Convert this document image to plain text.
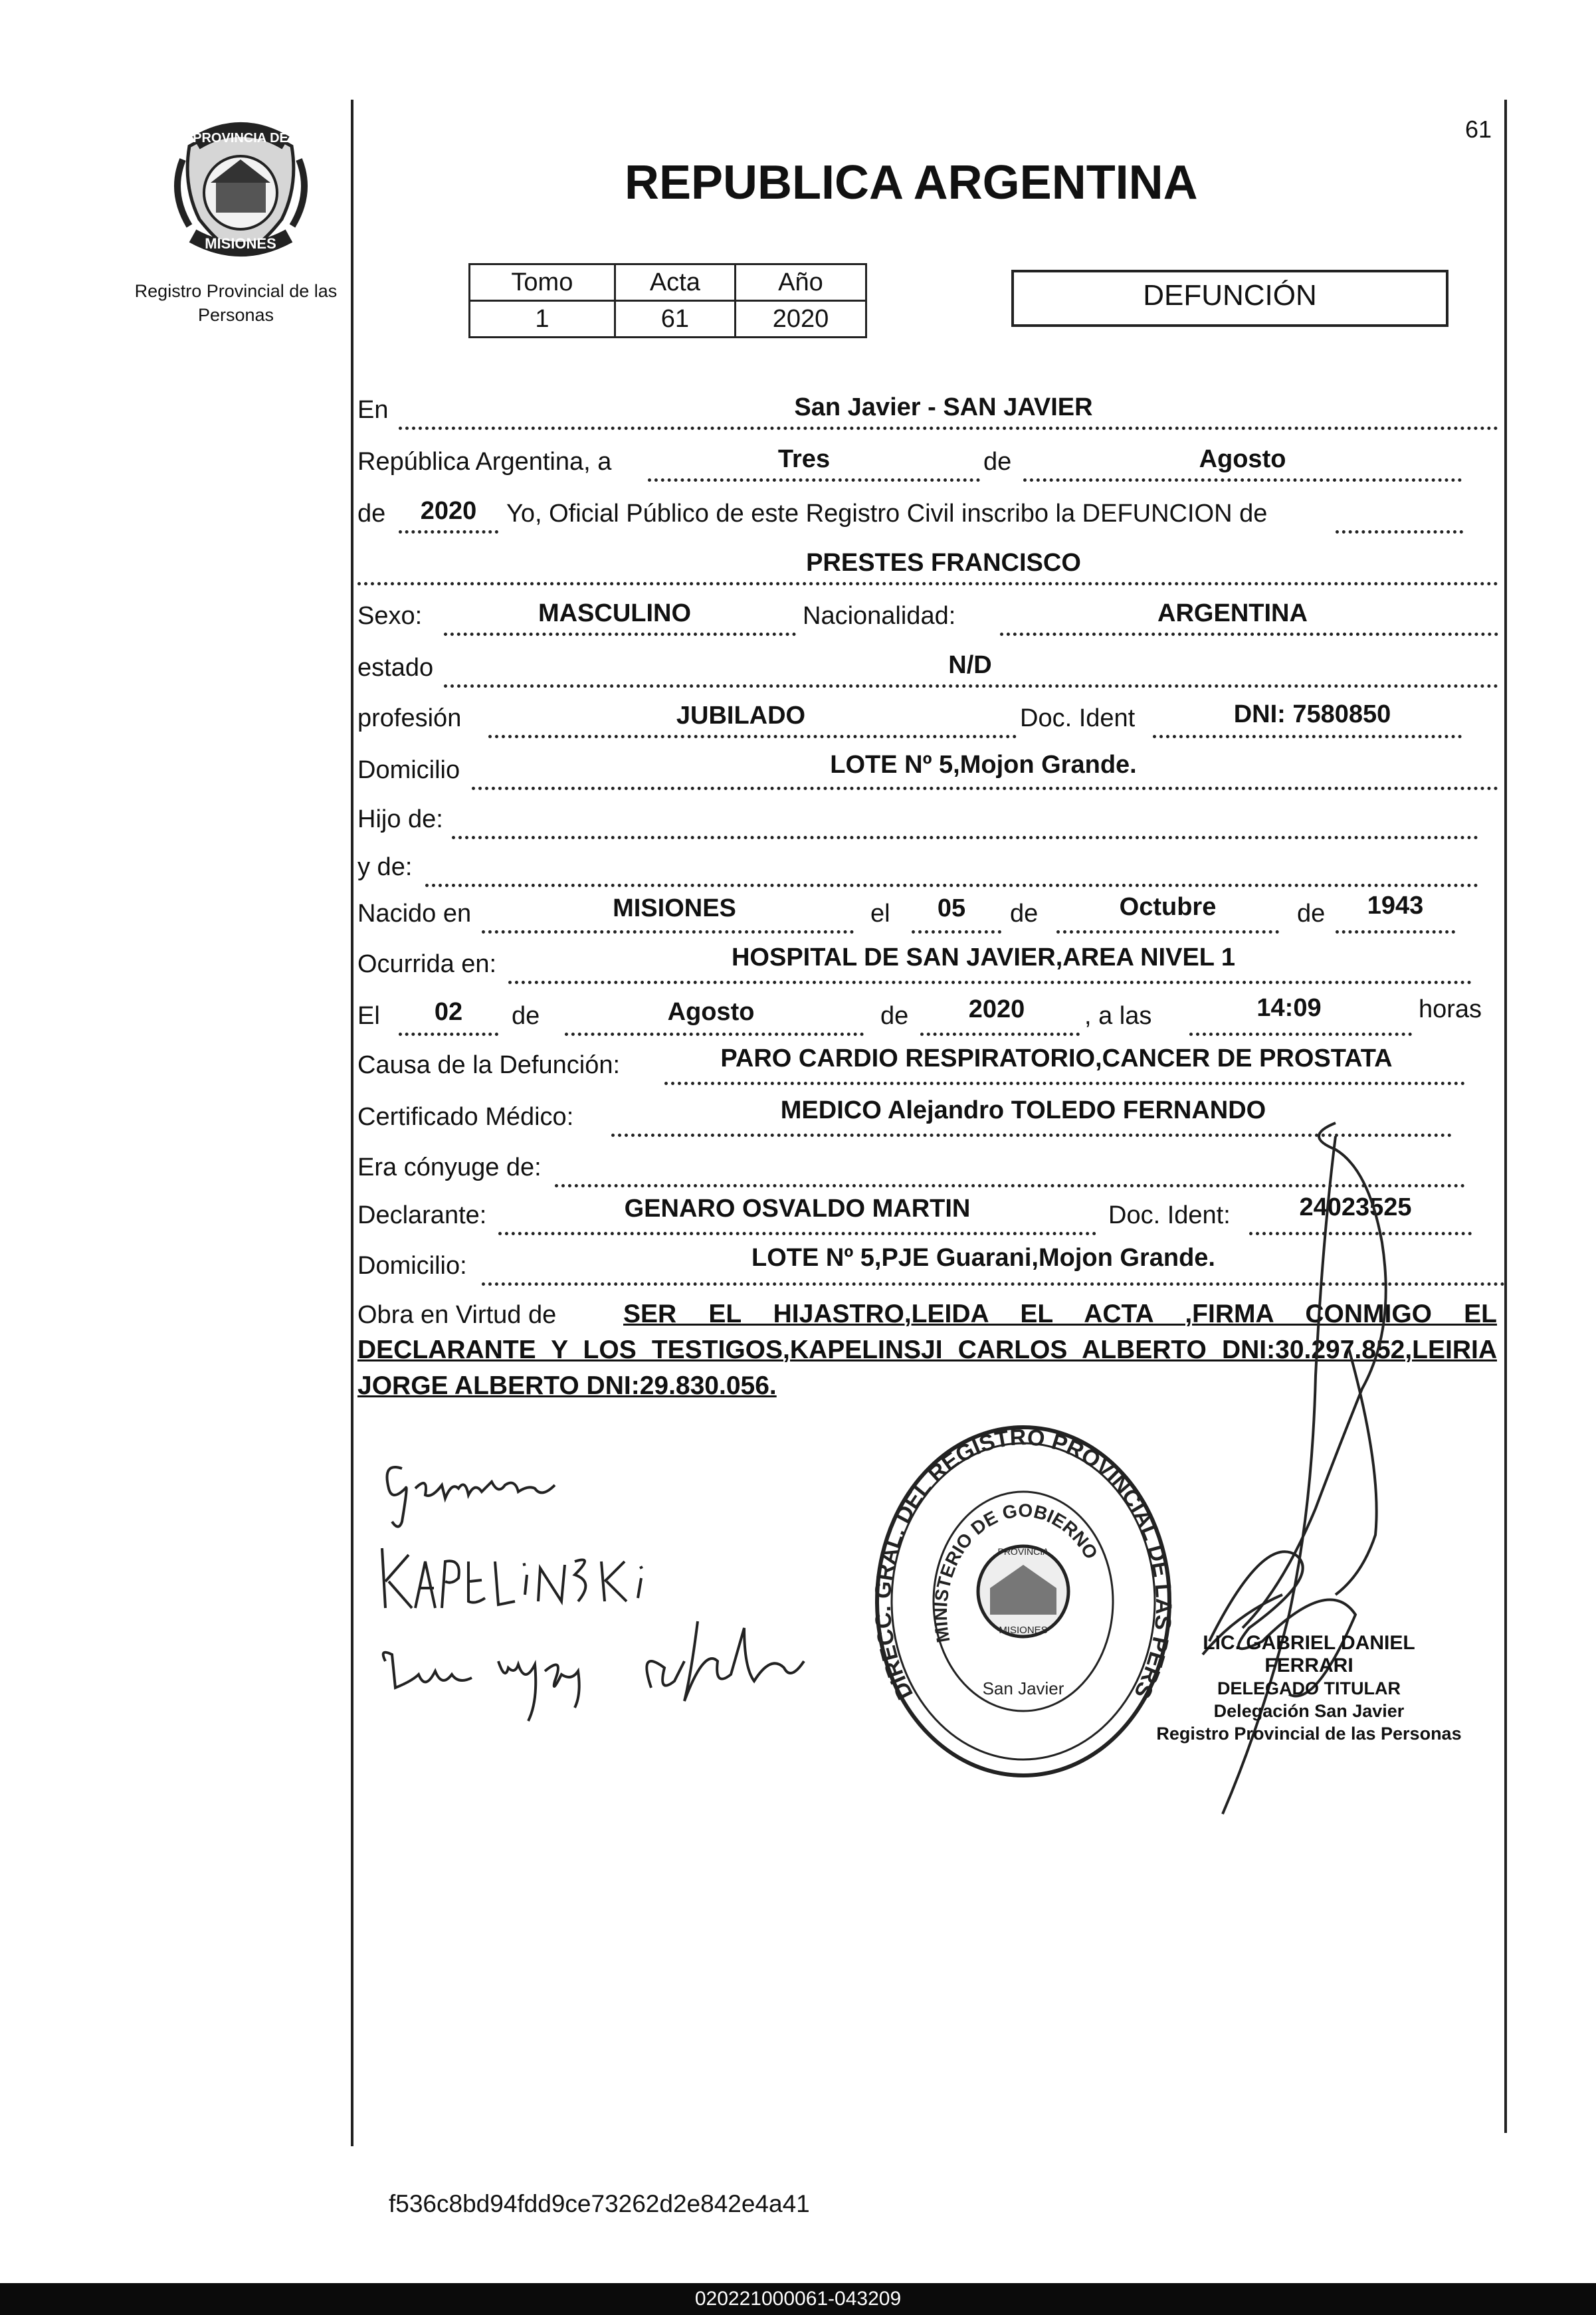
61
PROVINCIA DE
MISIONES
Registro Provincial de las Personas
REPUBLICA ARGENTINA
Tomo	Acta	Año
1	61	2020
DEFUNCIÓN
En	San Javier - SAN JAVIER
República Argentina, a	Tres	de	Agosto
de	2020	Yo, Oficial Público de este Registro Civil inscribo la DEFUNCION de
PRESTES FRANCISCO
Sexo:	MASCULINO	Nacionalidad:	ARGENTINA
estado	N/D
profesión	JUBILADO	Doc. Ident	DNI: 7580850
Domicilio	LOTE Nº 5,Mojon Grande.
Hijo de:
y de:
Nacido en	MISIONES	el	05	de	Octubre	de	1943
Ocurrida en:	HOSPITAL DE SAN JAVIER,AREA NIVEL 1
El	02	de	Agosto	de	2020	, a las	14:09	horas
Causa de la Defunción:	PARO CARDIO RESPIRATORIO,CANCER DE PROSTATA
Certificado Médico:	MEDICO Alejandro TOLEDO FERNANDO
Era cónyuge de:
Declarante:	GENARO OSVALDO MARTIN	Doc. Ident:	24023525
Domicilio:	LOTE Nº 5,PJE Guarani,Mojon Grande.
Obra en Virtud de	SER EL HIJASTRO,LEIDA EL ACTA ,FIRMA CONMIGO EL
DECLARANTE Y LOS TESTIGOS,KAPELINSJI CARLOS ALBERTO DNI:30.297.852,LEIRIA
JORGE ALBERTO DNI:29.830.056.
DIRECC. GRAL. DEL REGISTRO PROVINCIAL DE LAS PERS
MINISTERIO DE GOBIERNO
PROVINCIA
MISIONES
San Javier
LIC. GABRIEL DANIEL FERRARI
DELEGADO TITULAR
Delegación San Javier
Registro Provincial de las Personas
f536c8bd94fdd9ce73262d2e842e4a41
020221000061-043209
